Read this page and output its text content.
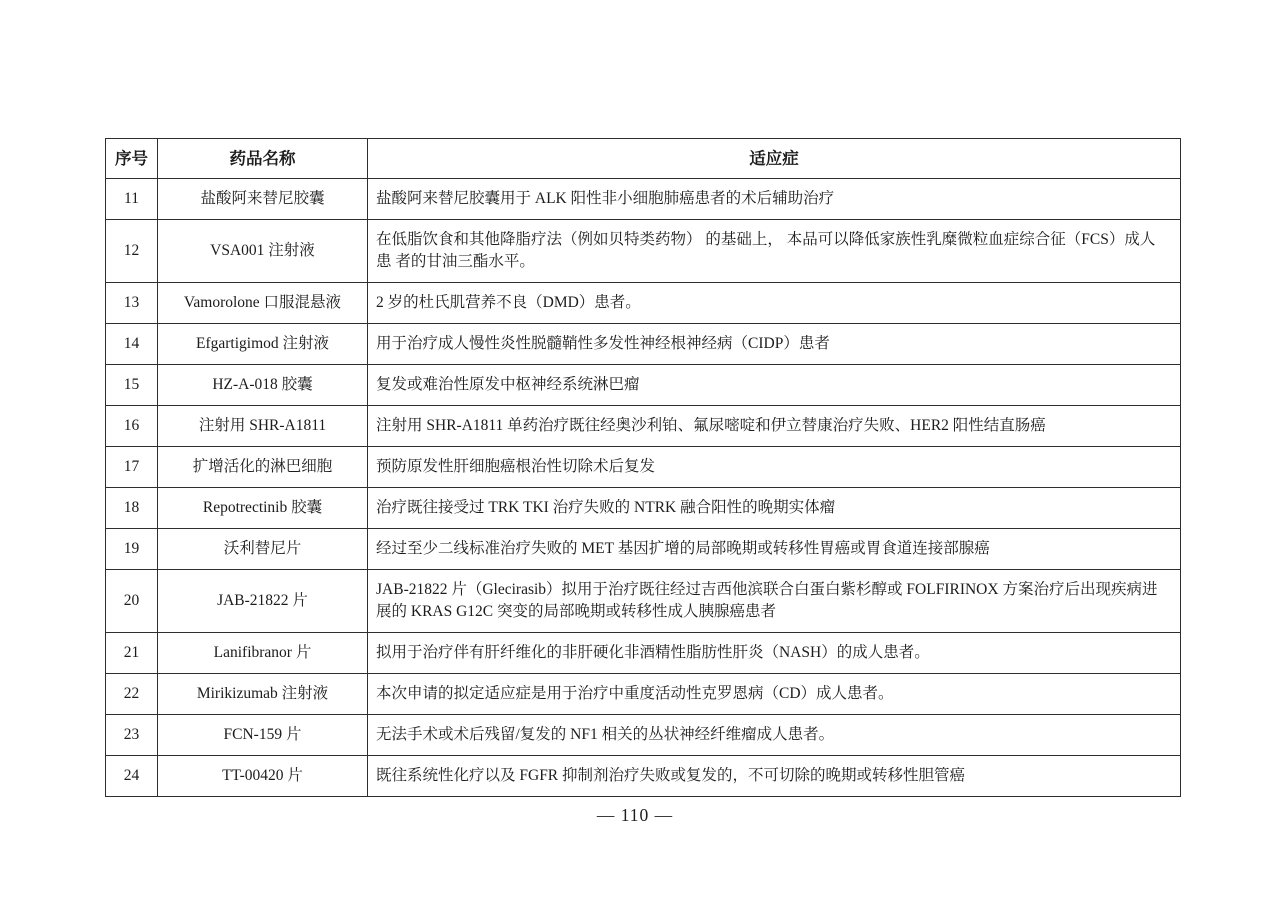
序号	药品名称	适应症
11	盐酸阿来替尼胶囊	盐酸阿来替尼胶囊用于 ALK 阳性非小细胞肺癌患者的术后辅助治疗
12	VSA001 注射液	在低脂饮食和其他降脂疗法（例如贝特类药物） 的基础上， 本品可以降低家族性乳糜微粒血症综合征（FCS）成人患 者的甘油三酯水平。
13	Vamorolone 口服混悬液	2 岁的杜氏肌营养不良（DMD）患者。
14	Efgartigimod 注射液	用于治疗成人慢性炎性脱髓鞘性多发性神经根神经病（CIDP）患者
15	HZ-A-018 胶囊	复发或难治性原发中枢神经系统淋巴瘤
16	注射用 SHR-A1811	注射用 SHR-A1811 单药治疗既往经奥沙利铂、氟尿嘧啶和伊立替康治疗失败、HER2 阳性结直肠癌
17	扩增活化的淋巴细胞	预防原发性肝细胞癌根治性切除术后复发
18	Repotrectinib 胶囊	治疗既往接受过 TRK TKI 治疗失败的 NTRK 融合阳性的晚期实体瘤
19	沃利替尼片	经过至少二线标准治疗失败的 MET 基因扩增的局部晚期或转移性胃癌或胃食道连接部腺癌
20	JAB-21822 片	JAB-21822 片（Glecirasib）拟用于治疗既往经过吉西他滨联合白蛋白紫杉醇或 FOLFIRINOX 方案治疗后出现疾病进展的 KRAS G12C 突变的局部晚期或转移性成人胰腺癌患者
21	Lanifibranor 片	拟用于治疗伴有肝纤维化的非肝硬化非酒精性脂肪性肝炎（NASH）的成人患者。
22	Mirikizumab 注射液	本次申请的拟定适应症是用于治疗中重度活动性克罗恩病（CD）成人患者。
23	FCN-159 片	无法手术或术后残留/复发的 NF1 相关的丛状神经纤维瘤成人患者。
24	TT-00420 片	既往系统性化疗以及 FGFR 抑制剂治疗失败或复发的，不可切除的晚期或转移性胆管癌
— 110 —
